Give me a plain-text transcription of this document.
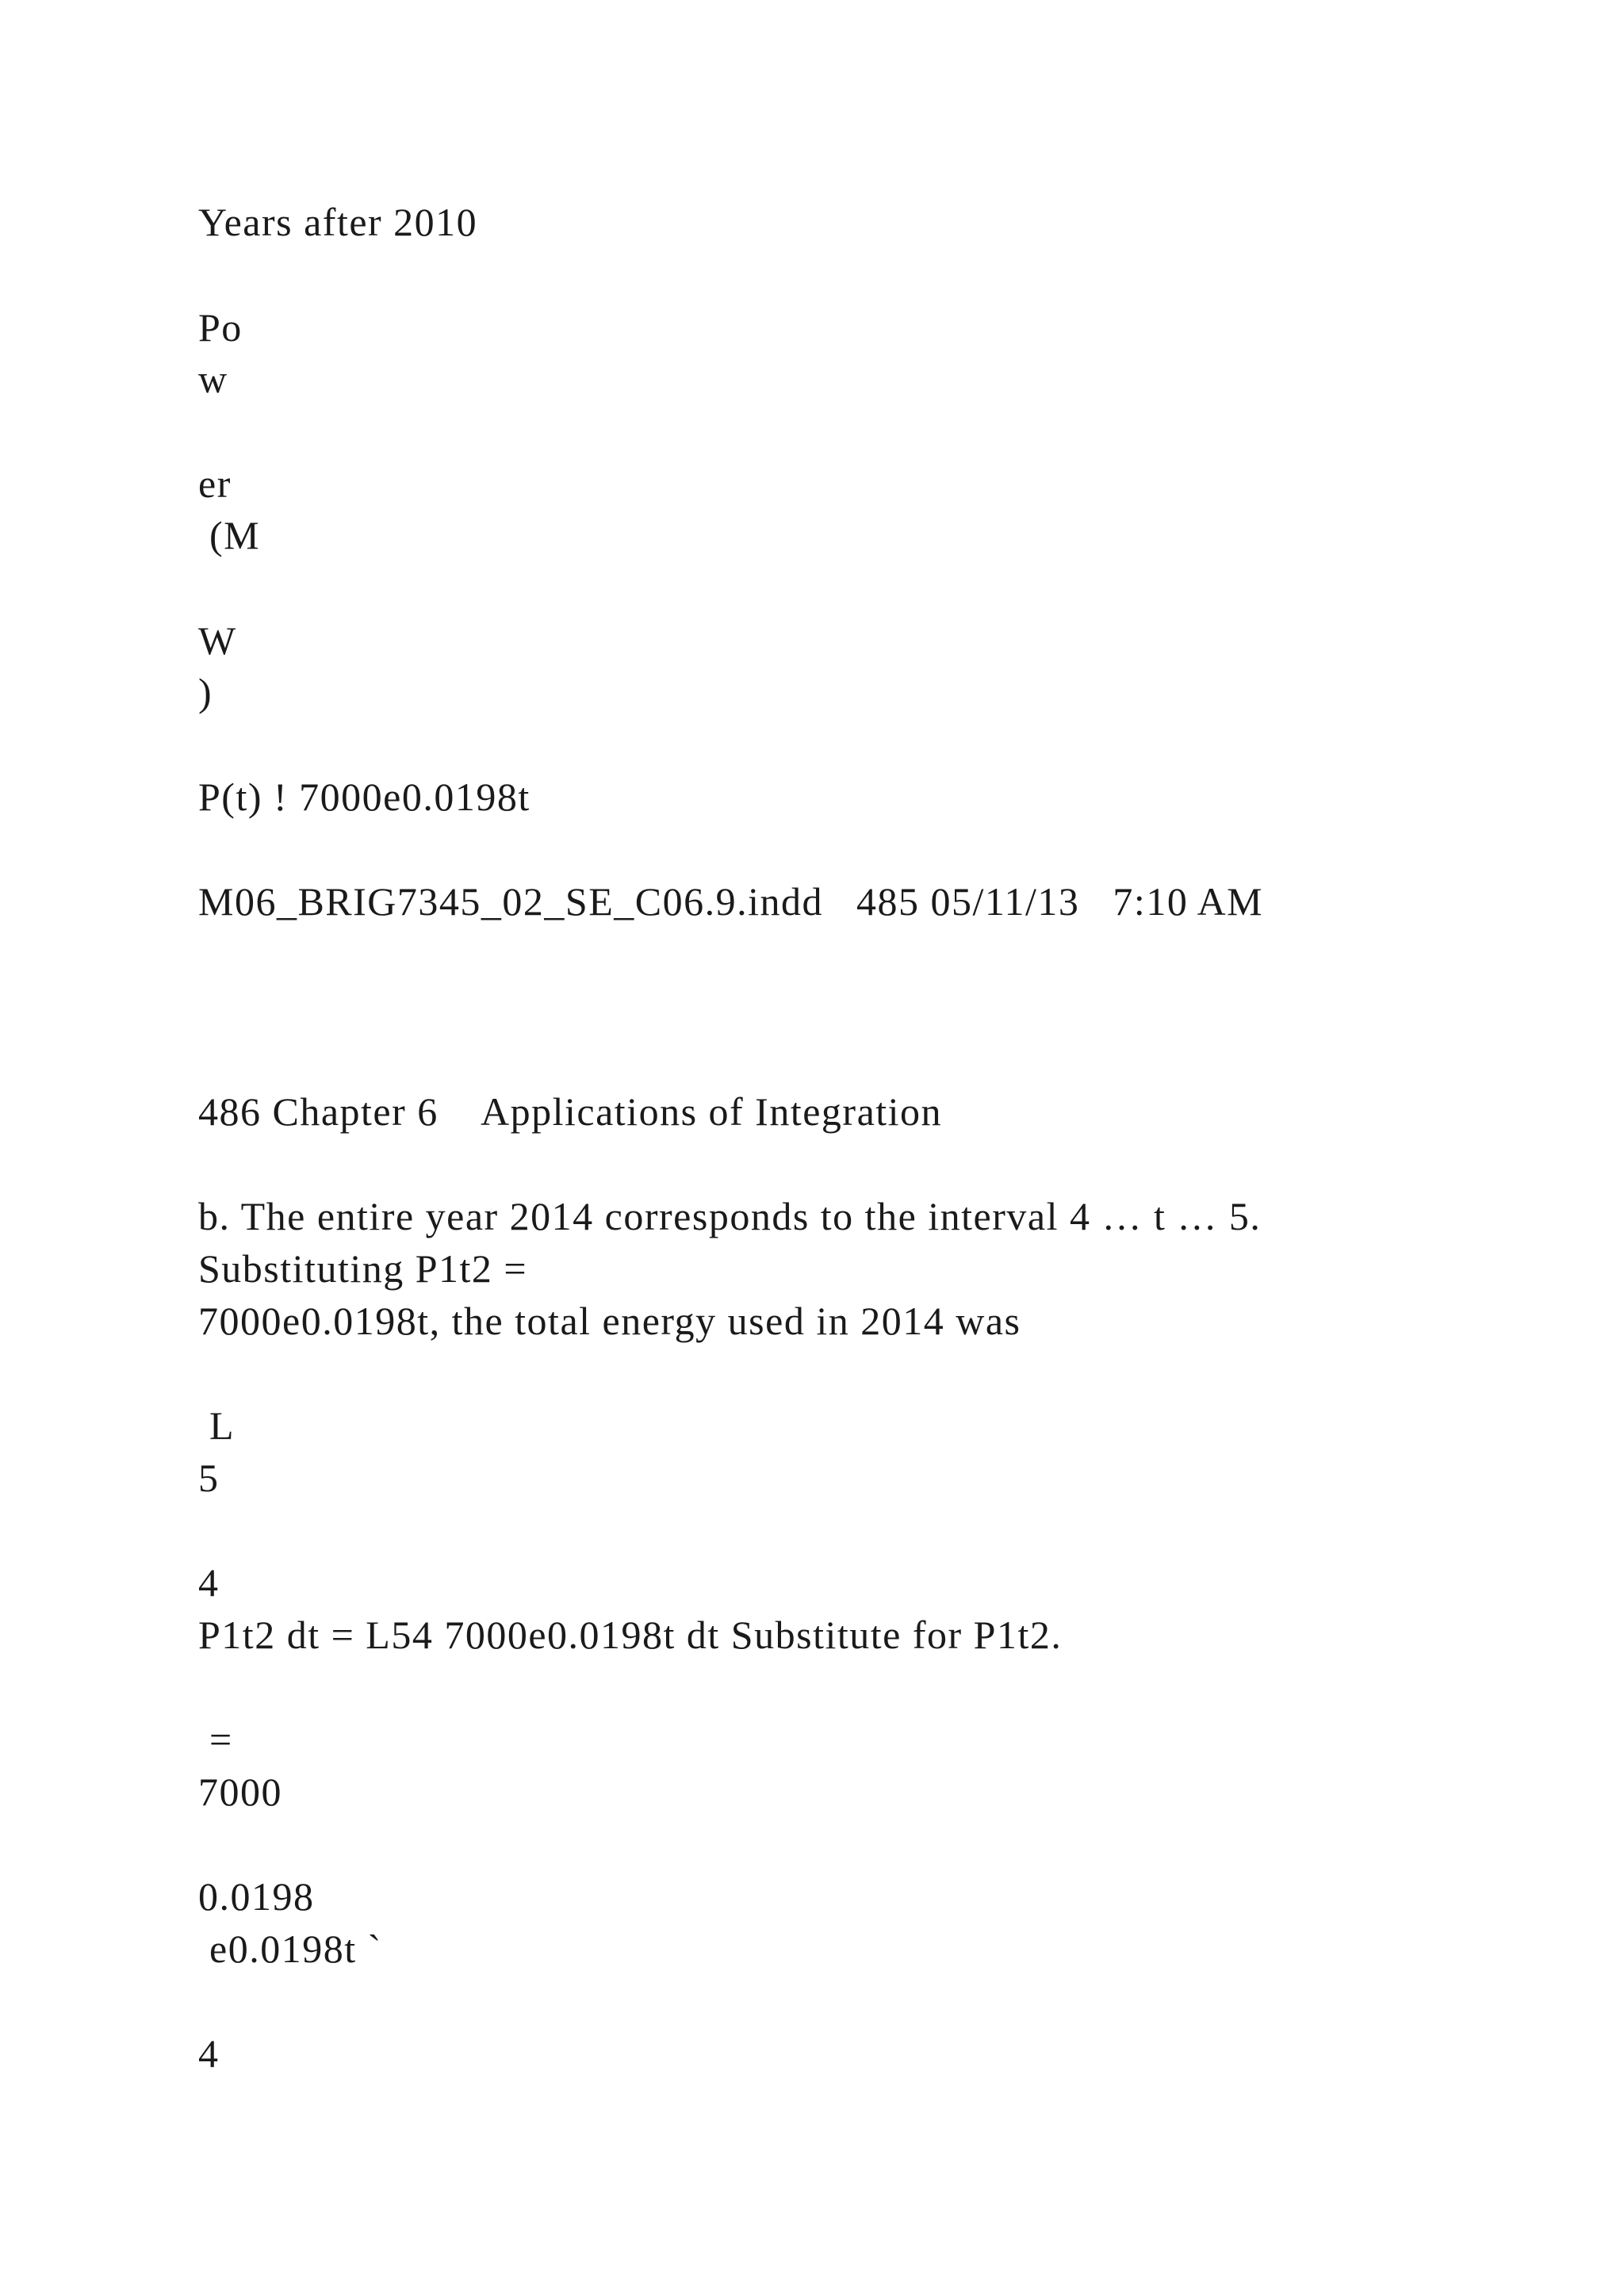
Years after 2010

Po

w

er

(M

W

)

P(t) ! 7000e0.0198t

M06_BRIG7345_02_SE_C06.9.indd   485 05/11/13   7:10 AM

486 Chapter 6    Applications of Integration

b. The entire year 2014 corresponds to the interval 4 … t … 5.

Substituting P1t2 =

7000e0.0198t, the total energy used in 2014 was

L

5

4

P1t2 dt = L54 7000e0.0198t dt Substitute for P1t2.

=

7000

0.0198

e0.0198t `

4
